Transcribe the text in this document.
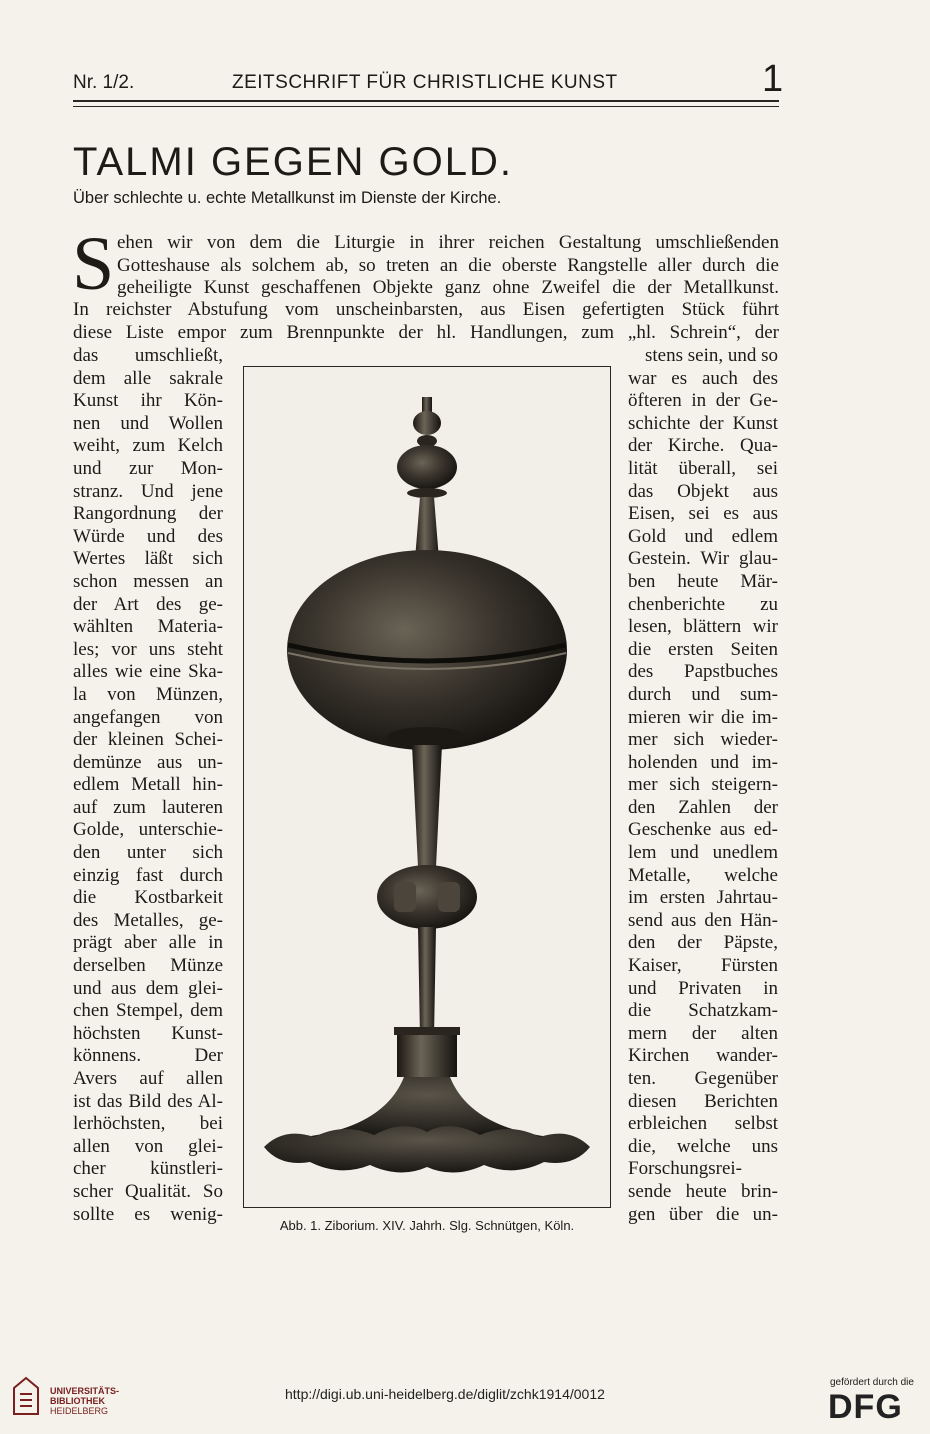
Nr. 1/2.	ZEITSCHRIFT FÜR CHRISTLICHE KUNST	1
TALMI GEGEN GOLD.
Über schlechte u. echte Metallkunst im Dienste der Kirche.
S ehen wir von dem die Liturgie in ihrer reichen Gestaltung umschließenden
Gotteshause als solchem ab, so treten an die oberste Rangstelle aller durch die
geheiligte Kunst geschaffenen Objekte ganz ohne Zweifel die der Metallkunst.
In reichster Abstufung vom unscheinbarsten, aus Eisen gefertigten Stück führt
diese Liste empor zum Brennpunkte der hl. Handlungen, zum „hl. Schrein“, der
das umschließt,
dem alle sakrale
Kunst ihr Kön-
nen und Wollen
weiht, zum Kelch
und zur Mon-
stranz. Und jene
Rangordnung der
Würde und des
Wertes läßt sich
schon messen an
der Art des ge-
wählten Materia-
les; vor uns steht
alles wie eine Ska-
la von Münzen,
angefangen von
der kleinen Schei-
demünze aus un-
edlem Metall hin-
auf zum lauteren
Golde, unterschie-
den unter sich
einzig fast durch
die Kostbarkeit
des Metalles, ge-
prägt aber alle in
derselben Münze
und aus dem glei-
chen Stempel, dem
höchsten Kunst-
könnens. Der
Avers auf allen
ist das Bild des Al-
lerhöchsten, bei
allen von glei-
cher künstleri-
scher Qualität. So
sollte es wenig-
stens sein, und so
war es auch des
öfteren in der Ge-
schichte der Kunst
der Kirche. Qua-
lität überall, sei
das Objekt aus
Eisen, sei es aus
Gold und edlem
Gestein. Wir glau-
ben heute Mär-
chenberichte zu
lesen, blättern wir
die ersten Seiten
des Papstbuches
durch und sum-
mieren wir die im-
mer sich wieder-
holenden und im-
mer sich steigern-
den Zahlen der
Geschenke aus ed-
lem und unedlem
Metalle, welche
im ersten Jahrtau-
send aus den Hän-
den der Päpste,
Kaiser, Fürsten
und Privaten in
die Schatzkam-
mern der alten
Kirchen wander-
ten. Gegenüber
diesen Berichten
erbleichen selbst
die, welche uns
Forschungsrei-
sende heute brin-
gen über die un-
Abb. 1. Ziborium. XIV. Jahrh. Slg. Schnütgen, Köln.
UNIVERSITÄTS-
BIBLIOTHEK
HEIDELBERG
http://digi.ub.uni-heidelberg.de/diglit/zchk1914/0012
gefördert durch die
DFG
